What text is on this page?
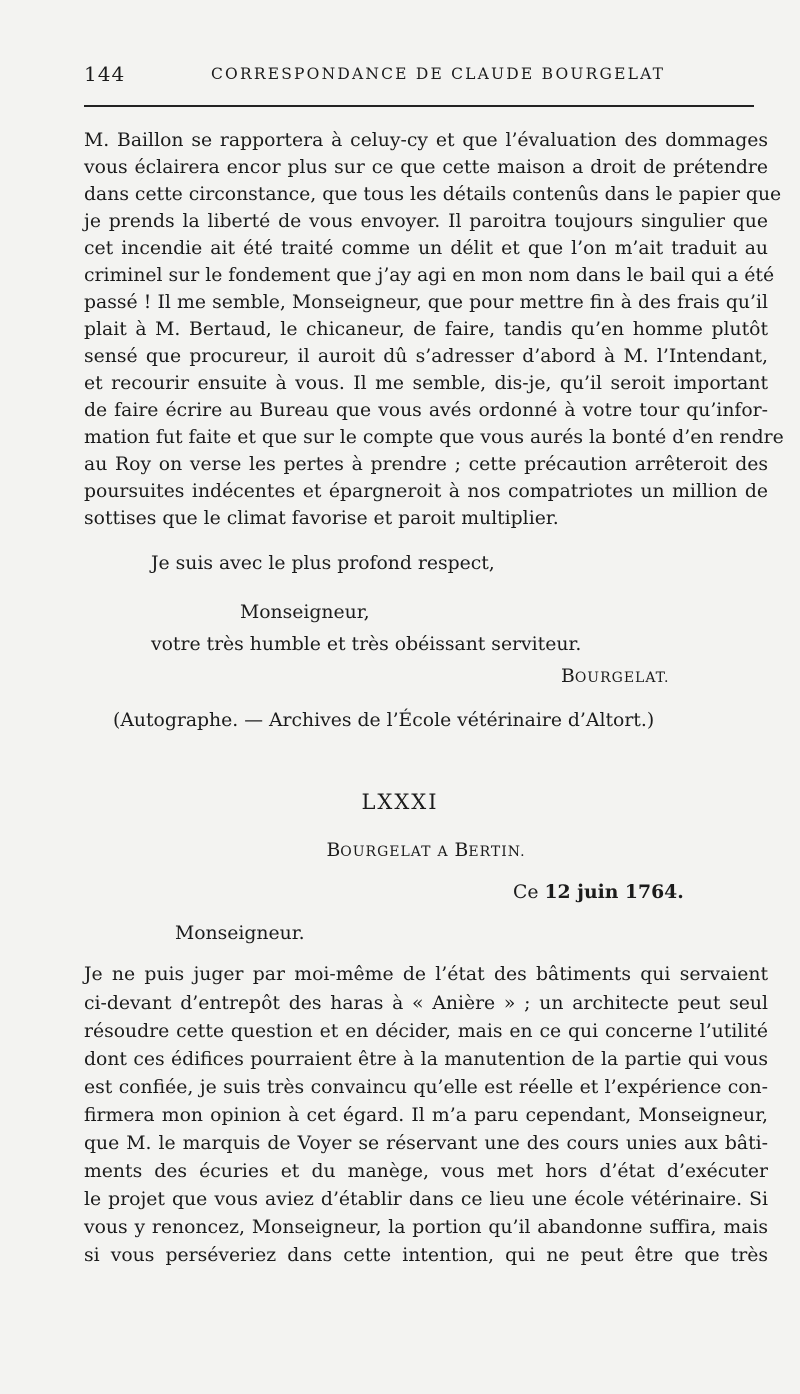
144	CORRESPONDANCE DE CLAUDE BOURGELAT
M. Baillon se rapportera à celuy-cy et que l’évaluation des dommages
vous éclairera encor plus sur ce que cette maison a droit de prétendre
dans cette circonstance, que tous les détails contenûs dans le papier que
je prends la liberté de vous envoyer. Il paroitra toujours singulier que
cet incendie ait été traité comme un délit et que l’on m’ait traduit au
criminel sur le fondement que j’ay agi en mon nom dans le bail qui a été
passé ! Il me semble, Monseigneur, que pour mettre fin à des frais qu’il
plait à M. Bertaud, le chicaneur, de faire, tandis qu’en homme plutôt
sensé que procureur, il auroit dû s’adresser d’abord à M. l’Intendant,
et recourir ensuite à vous. Il me semble, dis-je, qu’il seroit important
de faire écrire au Bureau que vous avés ordonné à votre tour qu’infor-
mation fut faite et que sur le compte que vous aurés la bonté d’en rendre
au Roy on verse les pertes à prendre ; cette précaution arrêteroit des
poursuites indécentes et épargneroit à nos compatriotes un million de
sottises que le climat favorise et paroit multiplier.
Je suis avec le plus profond respect,
Monseigneur,
votre très humble et très obéissant serviteur.
BOURGELAT.
(Autographe. — Archives de l’École vétérinaire d’Altort.)
LXXXI
BOURGELAT A BERTIN.
Ce 12 juin 1764.
Monseigneur.
Je ne puis juger par moi-même de l’état des bâtiments qui servaient
ci-devant d’entrepôt des haras à « Anière » ; un architecte peut seul
résoudre cette question et en décider, mais en ce qui concerne l’utilité
dont ces édifices pourraient être à la manutention de la partie qui vous
est confiée, je suis très convaincu qu’elle est réelle et l’expérience con-
firmera mon opinion à cet égard. Il m’a paru cependant, Monseigneur,
que M. le marquis de Voyer se réservant une des cours unies aux bâti-
ments des écuries et du manège, vous met hors d’état d’exécuter
le projet que vous aviez d’établir dans ce lieu une école vétérinaire. Si
vous y renoncez, Monseigneur, la portion qu’il abandonne suffira, mais
si vous perséveriez dans cette intention, qui ne peut être que très
